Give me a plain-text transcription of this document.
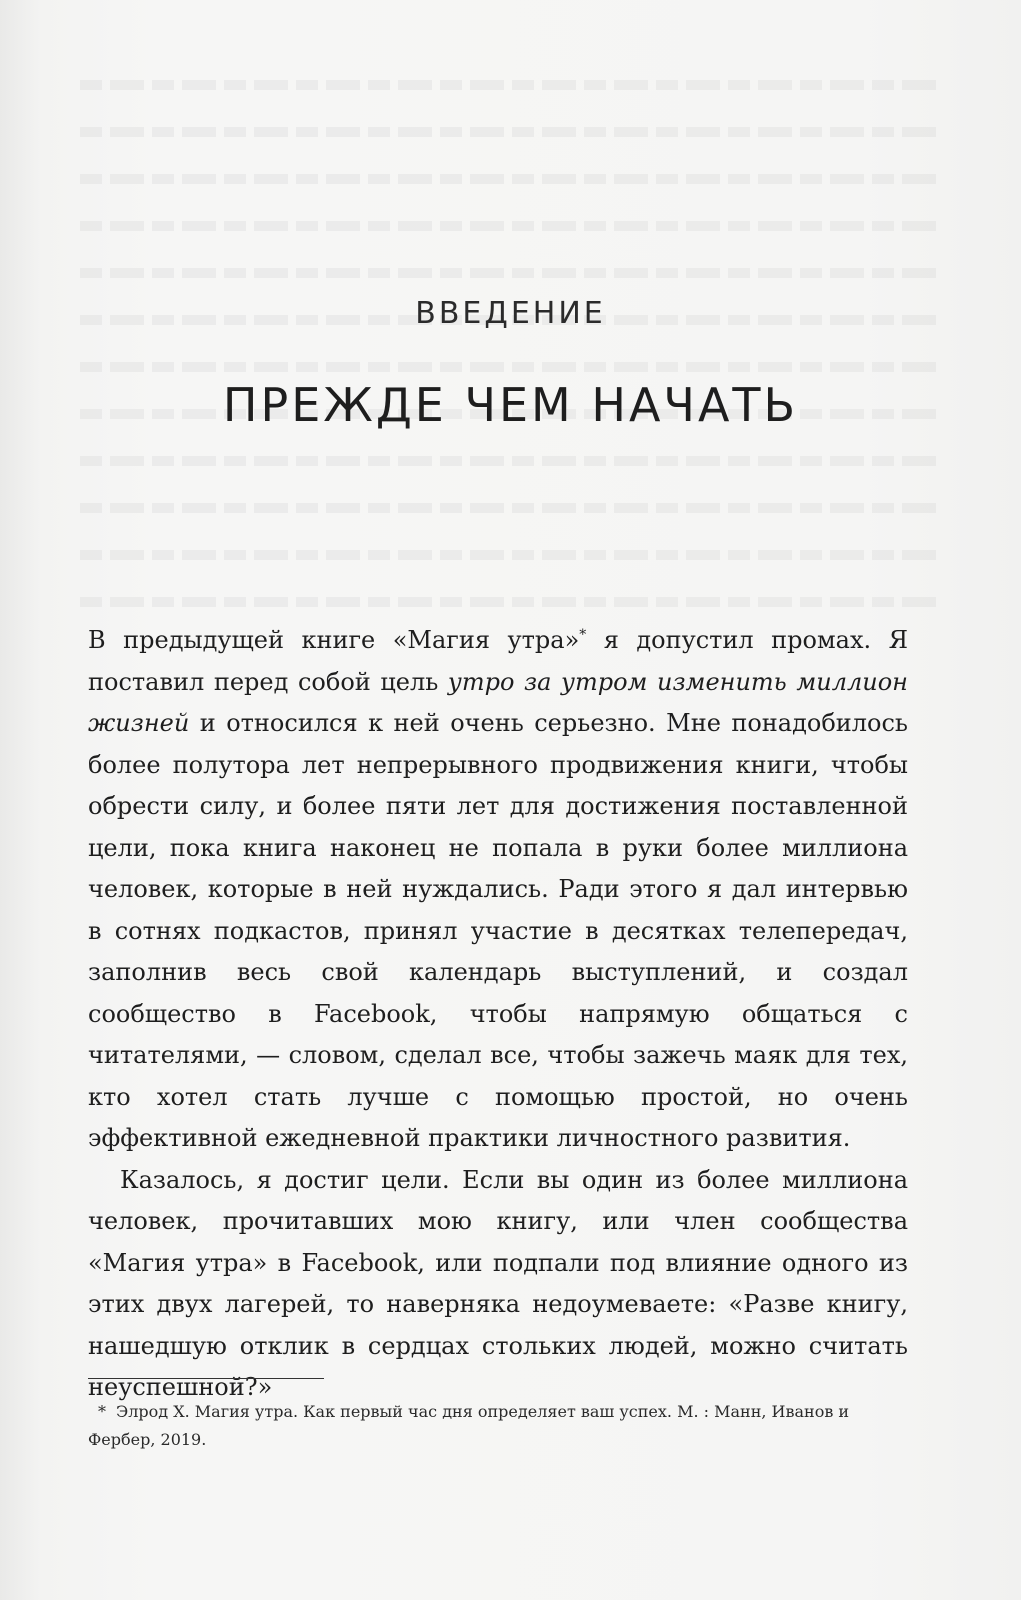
ВВЕДЕНИЕ
ПРЕЖДЕ ЧЕМ НАЧАТЬ

В предыдущей книге «Магия утра»* я допустил промах. Я поставил перед собой цель утро за утром изменить миллион жизней и относился к ней очень серьезно. Мне понадобилось более полутора лет непрерывного продвижения книги, чтобы обрести силу, и более пяти лет для достижения поставленной цели, пока книга наконец не попала в руки более миллиона человек, которые в ней нуждались. Ради этого я дал интервью в сотнях подкастов, принял участие в десятках телепередач, заполнив весь свой календарь выступлений, и создал сообщество в Facebook, чтобы напрямую общаться с читателями, — словом, сделал все, чтобы зажечь маяк для тех, кто хотел стать лучше с помощью простой, но очень эффективной ежедневной практики личностного развития.

Казалось, я достиг цели. Если вы один из более миллиона человек, прочитавших мою книгу, или член сообщества «Магия утра» в Facebook, или подпали под влияние одного из этих двух лагерей, то наверняка недоумеваете: «Разве книгу, нашедшую отклик в сердцах стольких людей, можно считать неуспешной?»

* Элрод Х. Магия утра. Как первый час дня определяет ваш успех. М. : Манн, Иванов и Фербер, 2019.
